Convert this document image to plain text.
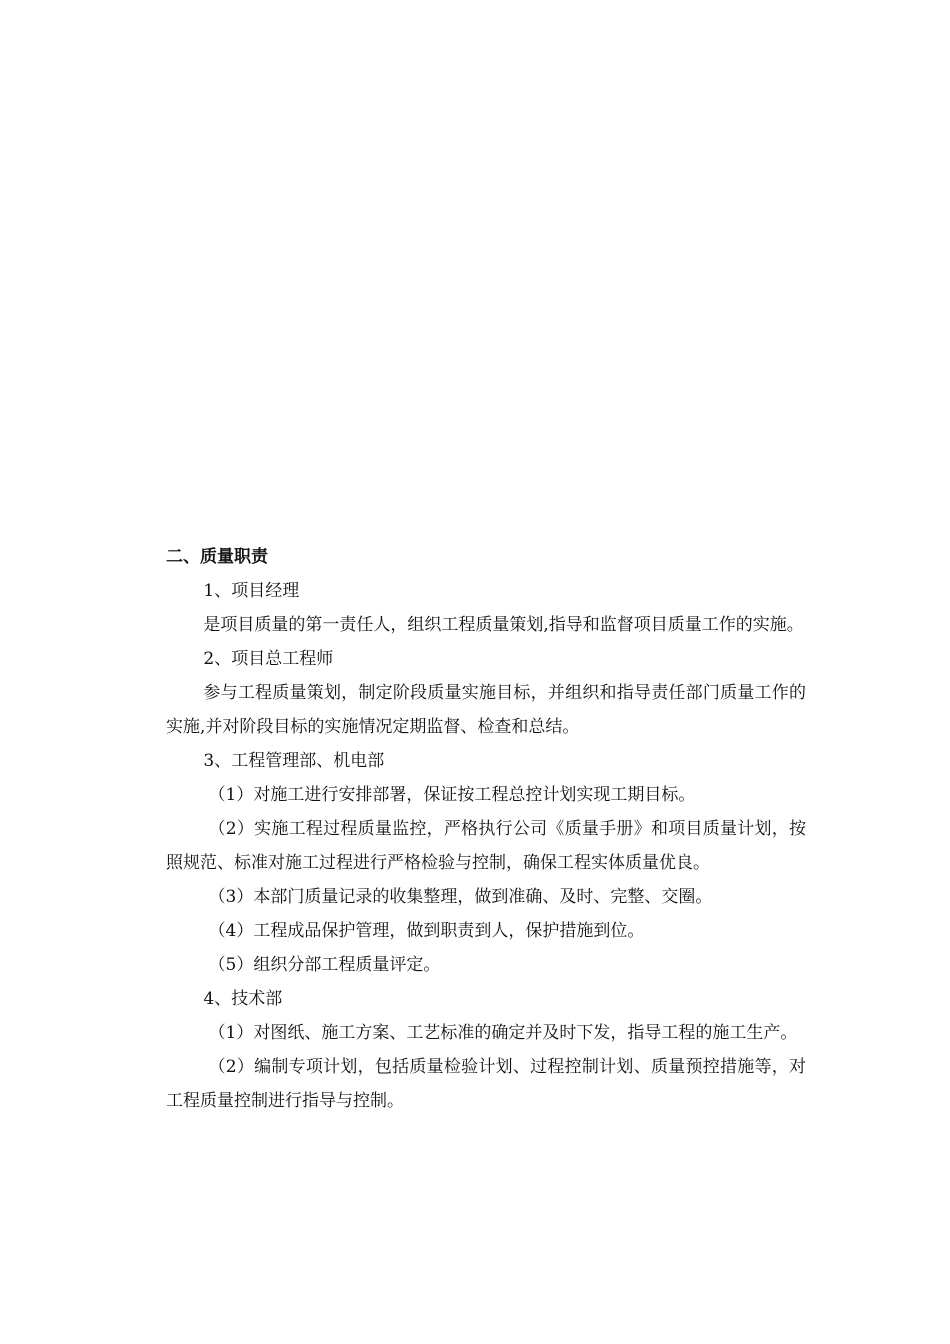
二、质量职责

1、项目经理

是项目质量的第一责任人，组织工程质量策划,指导和监督项目质量工作的实施。

2、项目总工程师

参与工程质量策划，制定阶段质量实施目标，并组织和指导责任部门质量工作的实施,并对阶段目标的实施情况定期监督、检查和总结。

3、工程管理部、机电部

（1）对施工进行安排部署，保证按工程总控计划实现工期目标。

（2）实施工程过程质量监控，严格执行公司《质量手册》和项目质量计划，按照规范、标准对施工过程进行严格检验与控制，确保工程实体质量优良。

（3）本部门质量记录的收集整理，做到准确、及时、完整、交圈。

（4）工程成品保护管理，做到职责到人，保护措施到位。

（5）组织分部工程质量评定。

4、技术部

（1）对图纸、施工方案、工艺标准的确定并及时下发，指导工程的施工生产。

（2）编制专项计划，包括质量检验计划、过程控制计划、质量预控措施等，对工程质量控制进行指导与控制。
